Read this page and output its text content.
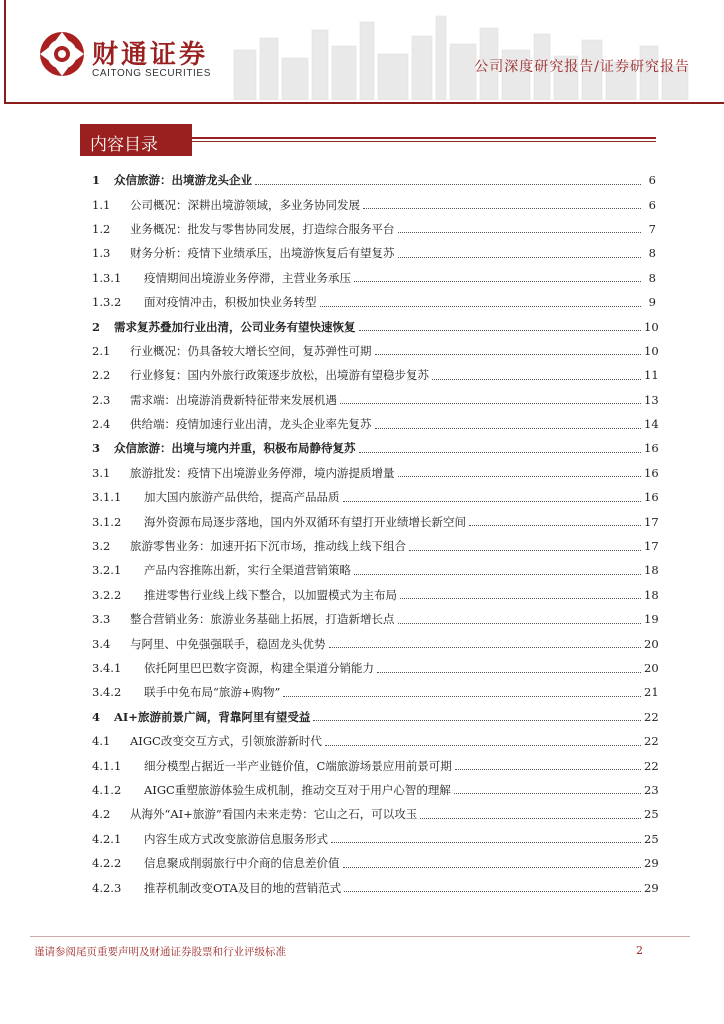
财通证券
CAITONG SECURITIES	公司深度研究报告/证券研究报告
内容目录
1	众信旅游：出境游龙头企业	6
1.1	公司概况：深耕出境游领域，多业务协同发展	6
1.2	业务概况：批发与零售协同发展，打造综合服务平台	7
1.3	财务分析：疫情下业绩承压，出境游恢复后有望复苏	8
1.3.1	疫情期间出境游业务停滞，主营业务承压	8
1.3.2	面对疫情冲击，积极加快业务转型	9
2	需求复苏叠加行业出清，公司业务有望快速恢复	10
2.1	行业概况：仍具备较大增长空间，复苏弹性可期	10
2.2	行业修复：国内外旅行政策逐步放松，出境游有望稳步复苏	11
2.3	需求端：出境游消费新特征带来发展机遇	13
2.4	供给端：疫情加速行业出清，龙头企业率先复苏	14
3	众信旅游：出境与境内并重，积极布局静待复苏	16
3.1	旅游批发：疫情下出境游业务停滞，境内游提质增量	16
3.1.1	加大国内旅游产品供给，提高产品品质	16
3.1.2	海外资源布局逐步落地，国内外双循环有望打开业绩增长新空间	17
3.2	旅游零售业务：加速开拓下沉市场，推动线上线下组合	17
3.2.1	产品内容推陈出新，实行全渠道营销策略	18
3.2.2	推进零售行业线上线下整合，以加盟模式为主布局	18
3.3	整合营销业务：旅游业务基础上拓展，打造新增长点	19
3.4	与阿里、中免强强联手，稳固龙头优势	20
3.4.1	依托阿里巴巴数字资源，构建全渠道分销能力	20
3.4.2	联手中免布局“旅游+购物”	21
4	AI+旅游前景广阔，背靠阿里有望受益	22
4.1	AIGC改变交互方式，引领旅游新时代	22
4.1.1	细分模型占据近一半产业链价值，C端旅游场景应用前景可期	22
4.1.2	AIGC重塑旅游体验生成机制，推动交互对于用户心智的理解	23
4.2	从海外“AI+旅游”看国内未来走势：它山之石，可以攻玉	25
4.2.1	内容生成方式改变旅游信息服务形式	25
4.2.2	信息聚成削弱旅行中介商的信息差价值	29
4.2.3	推荐机制改变OTA及目的地的营销范式	29
谨请参阅尾页重要声明及财通证券股票和行业评级标准	2
